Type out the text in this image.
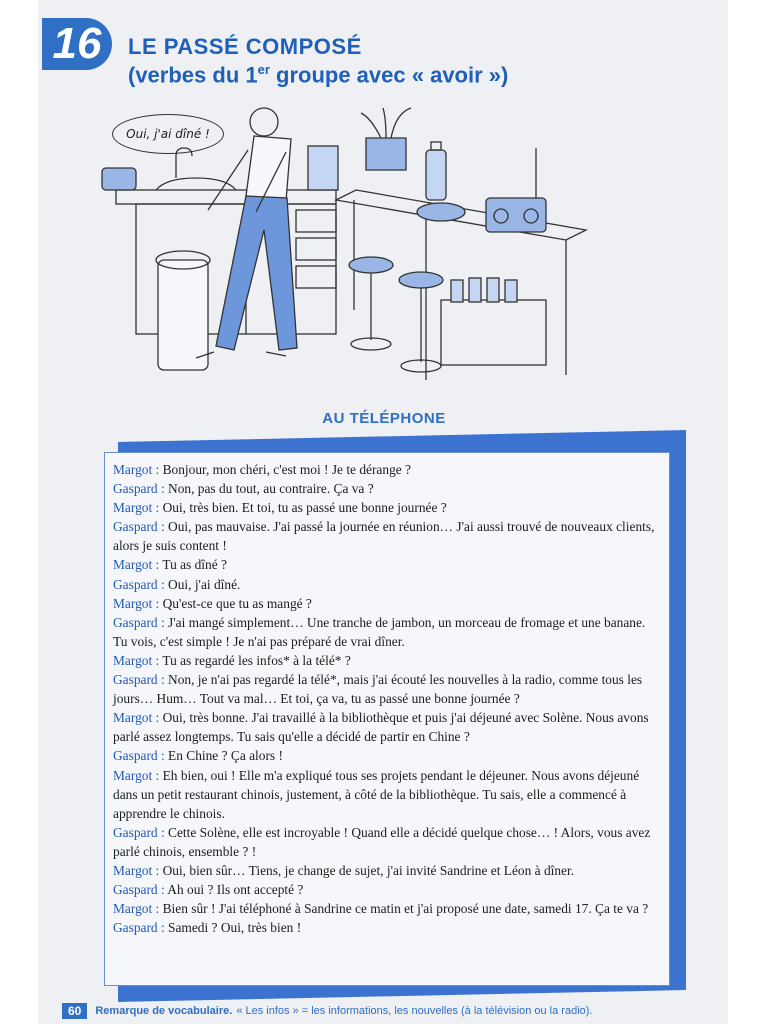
16	LE PASSÉ COMPOSÉ
(verbes du 1er groupe avec « avoir »)
Oui, j'ai dîné !
AU TÉLÉPHONE
Margot : Bonjour, mon chéri, c'est moi ! Je te dérange ?
Gaspard : Non, pas du tout, au contraire. Ça va ?
Margot : Oui, très bien. Et toi, tu as passé une bonne journée ?
Gaspard : Oui, pas mauvaise. J'ai passé la journée en réunion… J'ai aussi trouvé de nouveaux clients, alors je suis content !
Margot : Tu as dîné ?
Gaspard : Oui, j'ai dîné.
Margot : Qu'est-ce que tu as mangé ?
Gaspard : J'ai mangé simplement… Une tranche de jambon, un morceau de fromage et une banane. Tu vois, c'est simple ! Je n'ai pas préparé de vrai dîner.
Margot : Tu as regardé les infos* à la télé* ?
Gaspard : Non, je n'ai pas regardé la télé*, mais j'ai écouté les nouvelles à la radio, comme tous les jours… Hum… Tout va mal… Et toi, ça va, tu as passé une bonne journée ?
Margot : Oui, très bonne. J'ai travaillé à la bibliothèque et puis j'ai déjeuné avec Solène. Nous avons parlé assez longtemps. Tu sais qu'elle a décidé de partir en Chine ?
Gaspard : En Chine ? Ça alors !
Margot : Eh bien, oui ! Elle m'a expliqué tous ses projets pendant le déjeuner. Nous avons déjeuné dans un petit restaurant chinois, justement, à côté de la bibliothèque. Tu sais, elle a commencé à apprendre le chinois.
Gaspard : Cette Solène, elle est incroyable ! Quand elle a décidé quelque chose… ! Alors, vous avez parlé chinois, ensemble ? !
Margot : Oui, bien sûr… Tiens, je change de sujet, j'ai invité Sandrine et Léon à dîner.
Gaspard : Ah oui ? Ils ont accepté ?
Margot : Bien sûr ! J'ai téléphoné à Sandrine ce matin et j'ai proposé une date, samedi 17. Ça te va ?
Gaspard : Samedi ? Oui, très bien !
60	Remarque de vocabulaire. « Les infos » = les informations, les nouvelles (à la télévision ou la radio).
